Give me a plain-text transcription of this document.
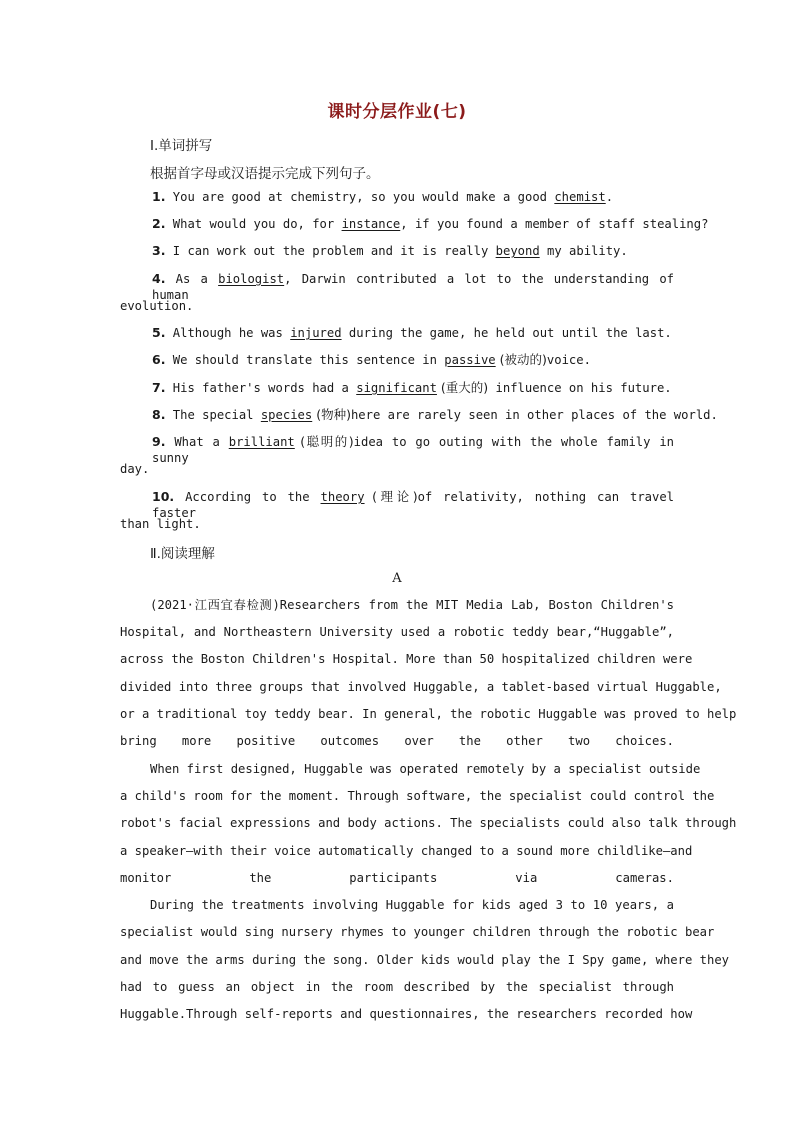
课时分层作业(七)
Ⅰ.单词拼写
根据首字母或汉语提示完成下列句子。
1. You are good at chemistry, so you would make a good chemist.
2. What would you do, for instance, if you found a member of staff stealing?
3. I can work out the problem and it is really beyond my ability.
4. As a biologist, Darwin contributed a lot to the understanding of human
evolution.
5. Although he was injured during the game, he held out until the last.
6. We should translate this sentence in passive (被动的)voice.
7. His father's words had a significant (重大的) influence on his future.
8. The special species (物种)here are rarely seen in other places of the world.
9. What a brilliant (聪明的)idea to go outing with the whole family in sunny
day.
10. According to the theory (理论)of relativity, nothing can travel faster
than light.
Ⅱ.阅读理解
A
(2021·江西宜春检测)Researchers from the MIT Media Lab, Boston Children's
Hospital, and Northeastern University used a robotic teddy bear,“Huggable”,
across the Boston Children's Hospital. More than 50 hospitalized children were
divided into three groups that involved Huggable, a tablet-based virtual Huggable,
or a traditional toy teddy bear. In general, the robotic Huggable was proved to help
bring more positive outcomes over the other two choices.
When first designed, Huggable was operated remotely by a specialist outside
a child's room for the moment. Through software, the specialist could control the
robot's facial expressions and body actions. The specialists could also talk through
a speaker—with their voice automatically changed to a sound more childlike—and
monitor the participants via cameras.
During the treatments involving Huggable for kids aged 3 to 10 years, a
specialist would sing nursery rhymes to younger children through the robotic bear
and move the arms during the song. Older kids would play the I Spy game, where they
had to guess an object in the room described by the specialist through
Huggable.Through self-reports and questionnaires, the researchers recorded how
